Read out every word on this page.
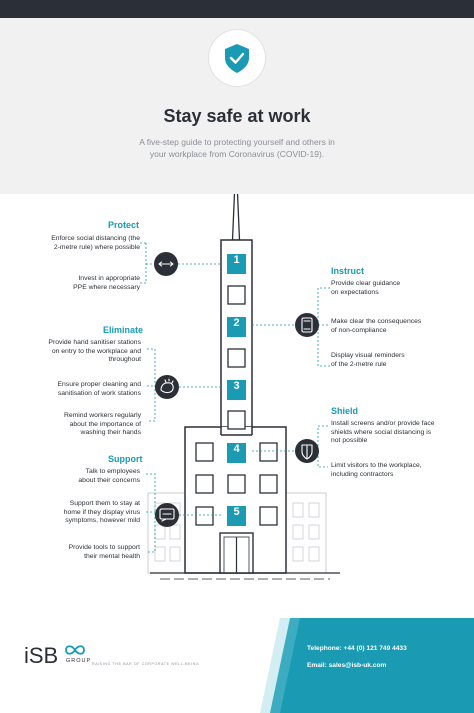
Stay safe at work
A five-step guide to protecting yourself and others in
your workplace from Coronavirus (COVID-19).
1
2
3
4
5
Protect
Enforce social distancing (the
2-metre rule) where possible
Invest in appropriate
PPE where necessary
Instruct
Provide clear guidance
on expectations
Make clear the consequences
of non-compliance
Display visual reminders
of the 2-metre rule
Eliminate
Provide hand sanitiser stations
on entry to the workplace and
throughout
Ensure proper cleaning and
sanitisation of work stations
Remind workers regularly
about the importance of
washing their hands
Shield
Install screens and/or provide face
shields where social distancing is
not possible
Limit visitors to the workplace,
including contractors
Support
Talk to employees
about their concerns
Support them to stay at
home if they display virus
symptoms, however mild
Provide tools to support
their mental health
iSB GROUP RAISING THE BAR OF CORPORATE WELL-BEING
Telephone: +44 (0) 121 749 4433
Email: sales@isb-uk.com
